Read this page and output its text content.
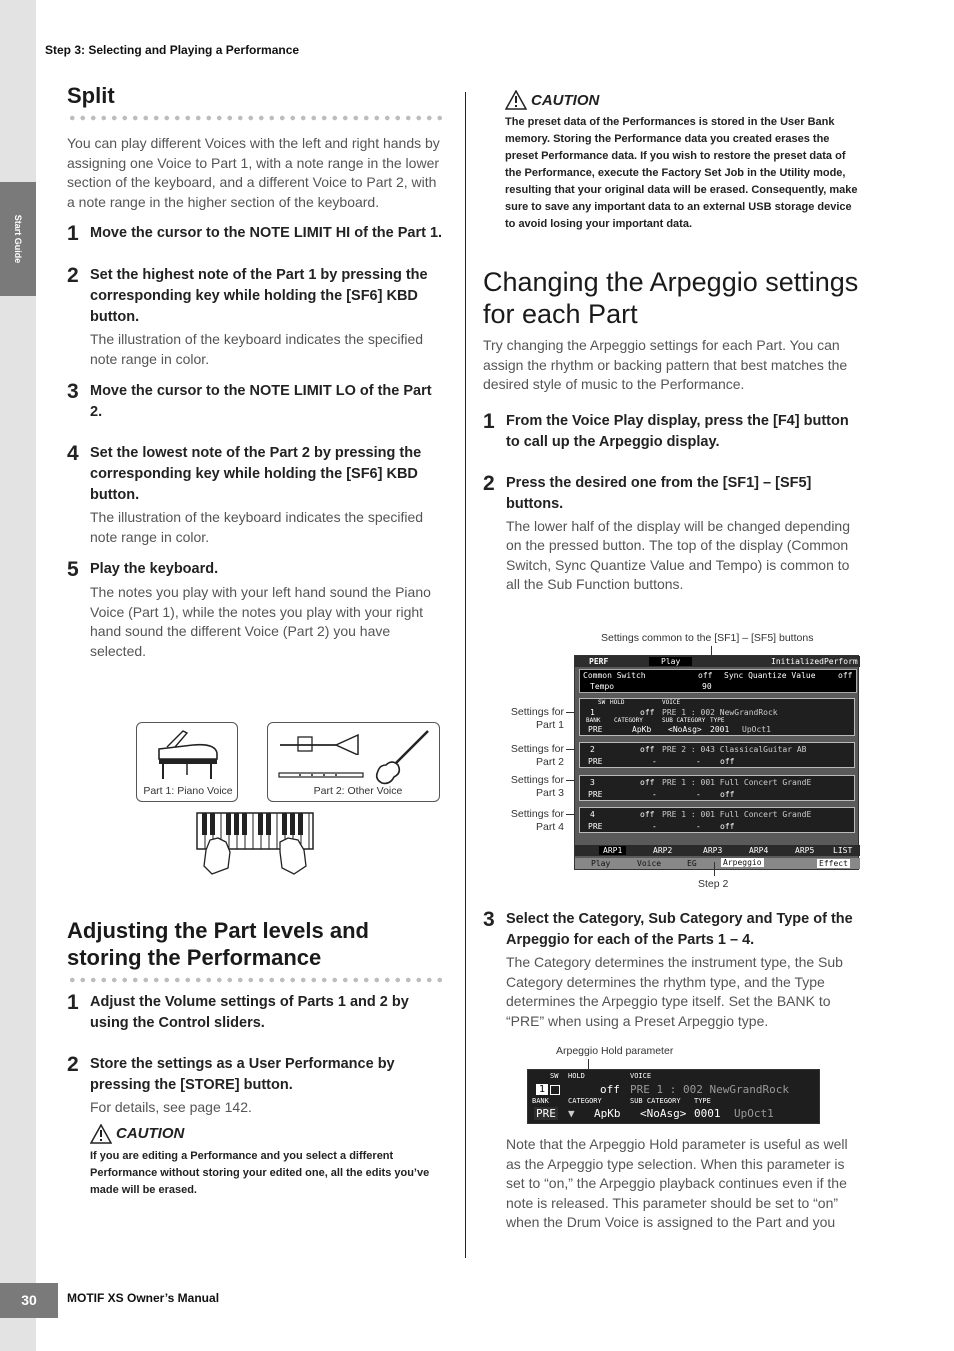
Start Guide
Step 3: Selecting and Playing a Performance
Split

You can play different Voices with the left and right hands by assigning one Voice to Part 1, with a note range in the lower section of the keyboard, and a different Voice to Part 2, with a note range in the higher section of the keyboard.

1 Move the cursor to the NOTE LIMIT HI of the Part 1.
2 Set the highest note of the Part 1 by pressing the corresponding key while holding the [SF6] KBD button.

The illustration of the keyboard indicates the specified note range in color.

3 Move the cursor to the NOTE LIMIT LO of the Part 2.
4 Set the lowest note of the Part 2 by pressing the corresponding key while holding the [SF6] KBD button.

The illustration of the keyboard indicates the specified note range in color.

5 Play the keyboard.

The notes you play with your left hand sound the Piano Voice (Part 1), while the notes you play with your right hand sound the different Voice (Part 2) you have selected.

Part 1: Piano Voice	Part 2: Other Voice
Adjusting the Part levels and storing the Performance
1 Adjust the Volume settings of Parts 1 and 2 by using the Control sliders.
2 Store the settings as a User Performance by pressing the [STORE] button.

For details, see page 142.

CAUTION
If you are editing a Performance and you select a different Performance without storing your edited one, all the edits you’ve made will be erased.
CAUTION
The preset data of the Performances is stored in the User Bank memory. Storing the Performance data you created erases the preset Performance data. If you wish to restore the preset data of the Performance, execute the Factory Set Job in the Utility mode, resulting that your original data will be erased. Consequently, make sure to save any important data to an external USB storage device to avoid losing your important data.
Changing the Arpeggio settings for each Part

Try changing the Arpeggio settings for each Part. You can assign the rhythm or backing pattern that best matches the desired style of music to the Performance.

1 From the Voice Play display, press the [F4] button to call up the Arpeggio display.
2 Press the desired one from the [SF1] – [SF5] buttons.

The lower half of the display will be changed depending on the pressed button. The top of the display (Common Switch, Sync Quantize Value and Tempo) is common to all the Sub Function buttons.

Settings common to the [SF1] – [SF5] buttons
Settings for Part 1
Settings for Part 2
Settings for Part 3
Settings for Part 4
PERF	Play	InitializedPerform
Common Switch	off Sync Quantize Value	off
Tempo	90
SW HOLD	VOICE
1	off PRE 1 : 002 NewGrandRock
BANK CATEGORY	SUB CATEGORY TYPE
PRE	ApKb <NoAsg> 2001 UpOct1
2	off PRE 2 : 043 ClassicalGuitar AB
PRE	-	- off
3	off PRE 1 : 001 Full Concert GrandE
PRE	-	- off
4	off PRE 1 : 001 Full Concert GrandE
PRE	-	- off
ARP1	ARP2	ARP3	ARP4	ARP5 LIST
Play	Voice	EG	Arpeggio	Effect
Step 2
3 Select the Category, Sub Category and Type of the Arpeggio for each of the Parts 1 – 4.

The Category determines the instrument type, the Sub Category determines the rhythm type, and the Type determines the Arpeggio type itself. Set the BANK to “PRE” when using a Preset Arpeggio type.

Arpeggio Hold parameter
SW HOLD	VOICE
1	off PRE 1 : 002 NewGrandRock
BANK	CATEGORY	SUB CATEGORY TYPE
PRE ▼ ApKb <NoAsg> 0001 UpOct1

Note that the Arpeggio Hold parameter is useful as well as the Arpeggio type selection. When this parameter is set to “on,” the Arpeggio playback continues even if the note is released. This parameter should be set to “on” when the Drum Voice is assigned to the Part and you

30	MOTIF XS Owner’s Manual
